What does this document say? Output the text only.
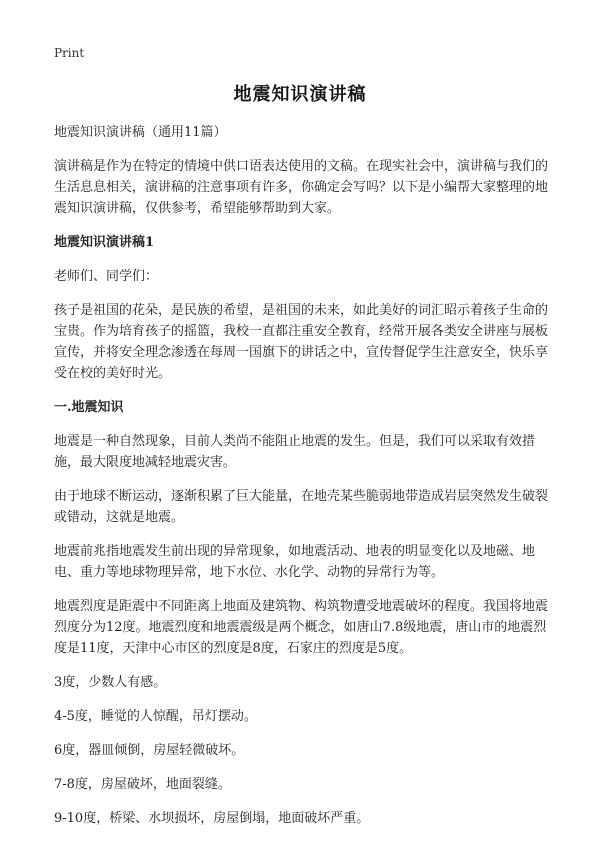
Print
地震知识演讲稿

地震知识演讲稿（通用11篇）

演讲稿是作为在特定的情境中供口语表达使用的文稿。在现实社会中，演讲稿与我们的生活息息相关，演讲稿的注意事项有许多，你确定会写吗？以下是小编帮大家整理的地震知识演讲稿，仅供参考，希望能够帮助到大家。

地震知识演讲稿1

老师们、同学们：

孩子是祖国的花朵，是民族的希望，是祖国的未来，如此美好的词汇昭示着孩子生命的宝贵。作为培育孩子的摇篮，我校一直都注重安全教育，经常开展各类安全讲座与展板宣传，并将安全理念渗透在每周一国旗下的讲话之中，宣传督促学生注意安全，快乐享受在校的美好时光。

一.地震知识

地震是一种自然现象，目前人类尚不能阻止地震的发生。但是，我们可以采取有效措施，最大限度地减轻地震灾害。

由于地球不断运动，逐渐积累了巨大能量，在地壳某些脆弱地带造成岩层突然发生破裂或错动，这就是地震。

地震前兆指地震发生前出现的异常现象，如地震活动、地表的明显变化以及地磁、地电、重力等地球物理异常，地下水位、水化学、动物的异常行为等。

地震烈度是距震中不同距离上地面及建筑物、构筑物遭受地震破坏的程度。我国将地震烈度分为12度。地震烈度和地震震级是两个概念，如唐山7.8级地震，唐山市的地震烈度是11度，天津中心市区的烈度是8度，石家庄的烈度是5度。

3度，少数人有感。

4-5度，睡觉的人惊醒，吊灯摆动。

6度，器皿倾倒，房屋轻微破坏。

7-8度，房屋破坏，地面裂缝。

9-10度，桥梁、水坝损坏，房屋倒塌，地面破坏严重。
